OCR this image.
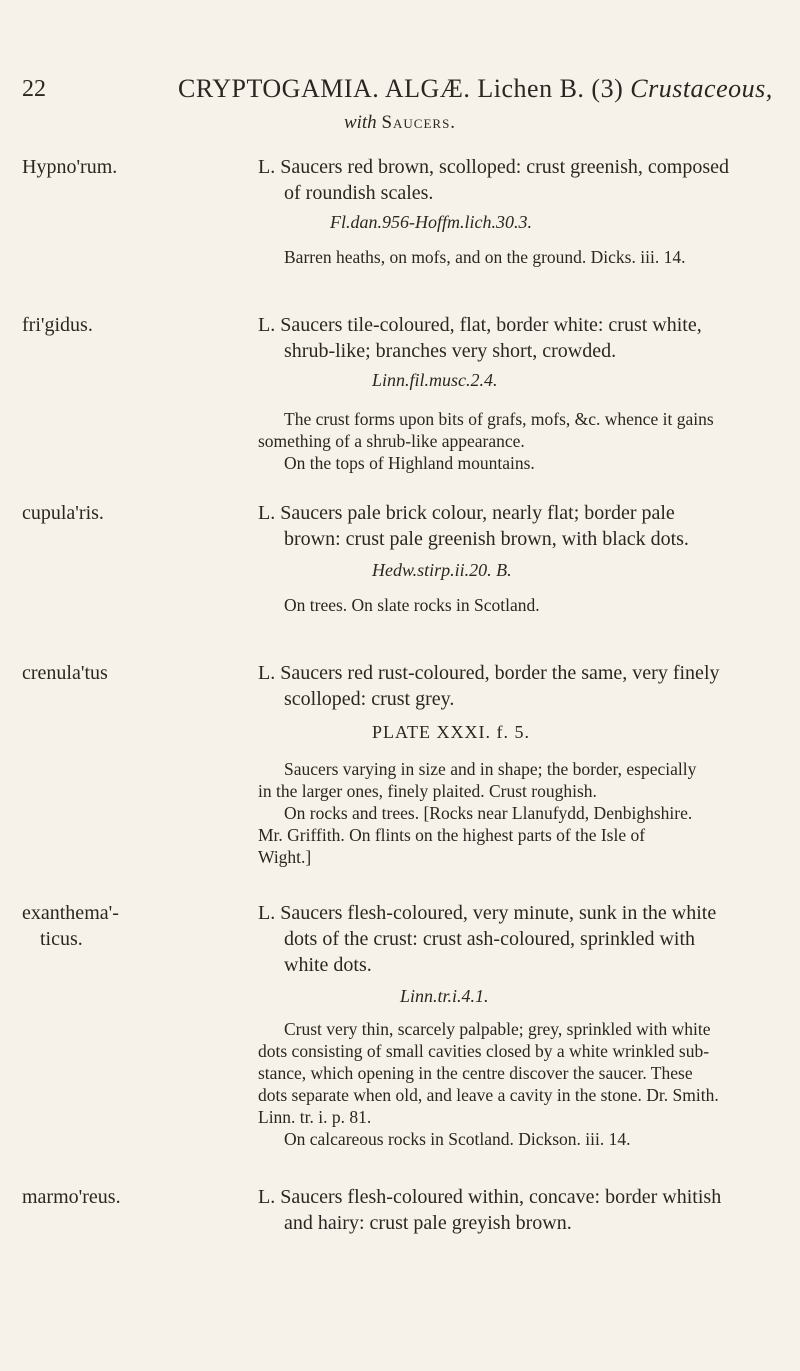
22	CRYPTOGAMIA. ALGÆ. Lichen B. (3) Crustaceous,
with Saucers.
Hypno'rum.	L. Saucers red brown, scolloped: crust greenish, composed
of roundish scales.
Fl.dan.956-Hoffm.lich.30.3.
Barren heaths, on mofs, and on the ground. Dicks. iii. 14.
fri'gidus.	L. Saucers tile-coloured, flat, border white: crust white,
shrub-like; branches very short, crowded.
Linn.fil.musc.2.4.
The crust forms upon bits of grafs, mofs, &c. whence it gains
something of a shrub-like appearance.
On the tops of Highland mountains.
cupula'ris.	L. Saucers pale brick colour, nearly flat; border pale
brown: crust pale greenish brown, with black dots.
Hedw.stirp.ii.20. B.
On trees. On slate rocks in Scotland.
crenula'tus	L. Saucers red rust-coloured, border the same, very finely
scolloped: crust grey.
PLATE XXXI. f. 5.
Saucers varying in size and in shape; the border, especially
in the larger ones, finely plaited. Crust roughish.
On rocks and trees. [Rocks near Llanufydd, Denbighshire.
Mr. Griffith. On flints on the highest parts of the Isle of
Wight.]
exanthema'-
ticus.
L. Saucers flesh-coloured, very minute, sunk in the white
dots of the crust: crust ash-coloured, sprinkled with
white dots.
Linn.tr.i.4.1.
Crust very thin, scarcely palpable; grey, sprinkled with white
dots consisting of small cavities closed by a white wrinkled sub-
stance, which opening in the centre discover the saucer. These
dots separate when old, and leave a cavity in the stone. Dr. Smith.
Linn. tr. i. p. 81.
On calcareous rocks in Scotland. Dickson. iii. 14.
marmo'reus.	L. Saucers flesh-coloured within, concave: border whitish
and hairy: crust pale greyish brown.
